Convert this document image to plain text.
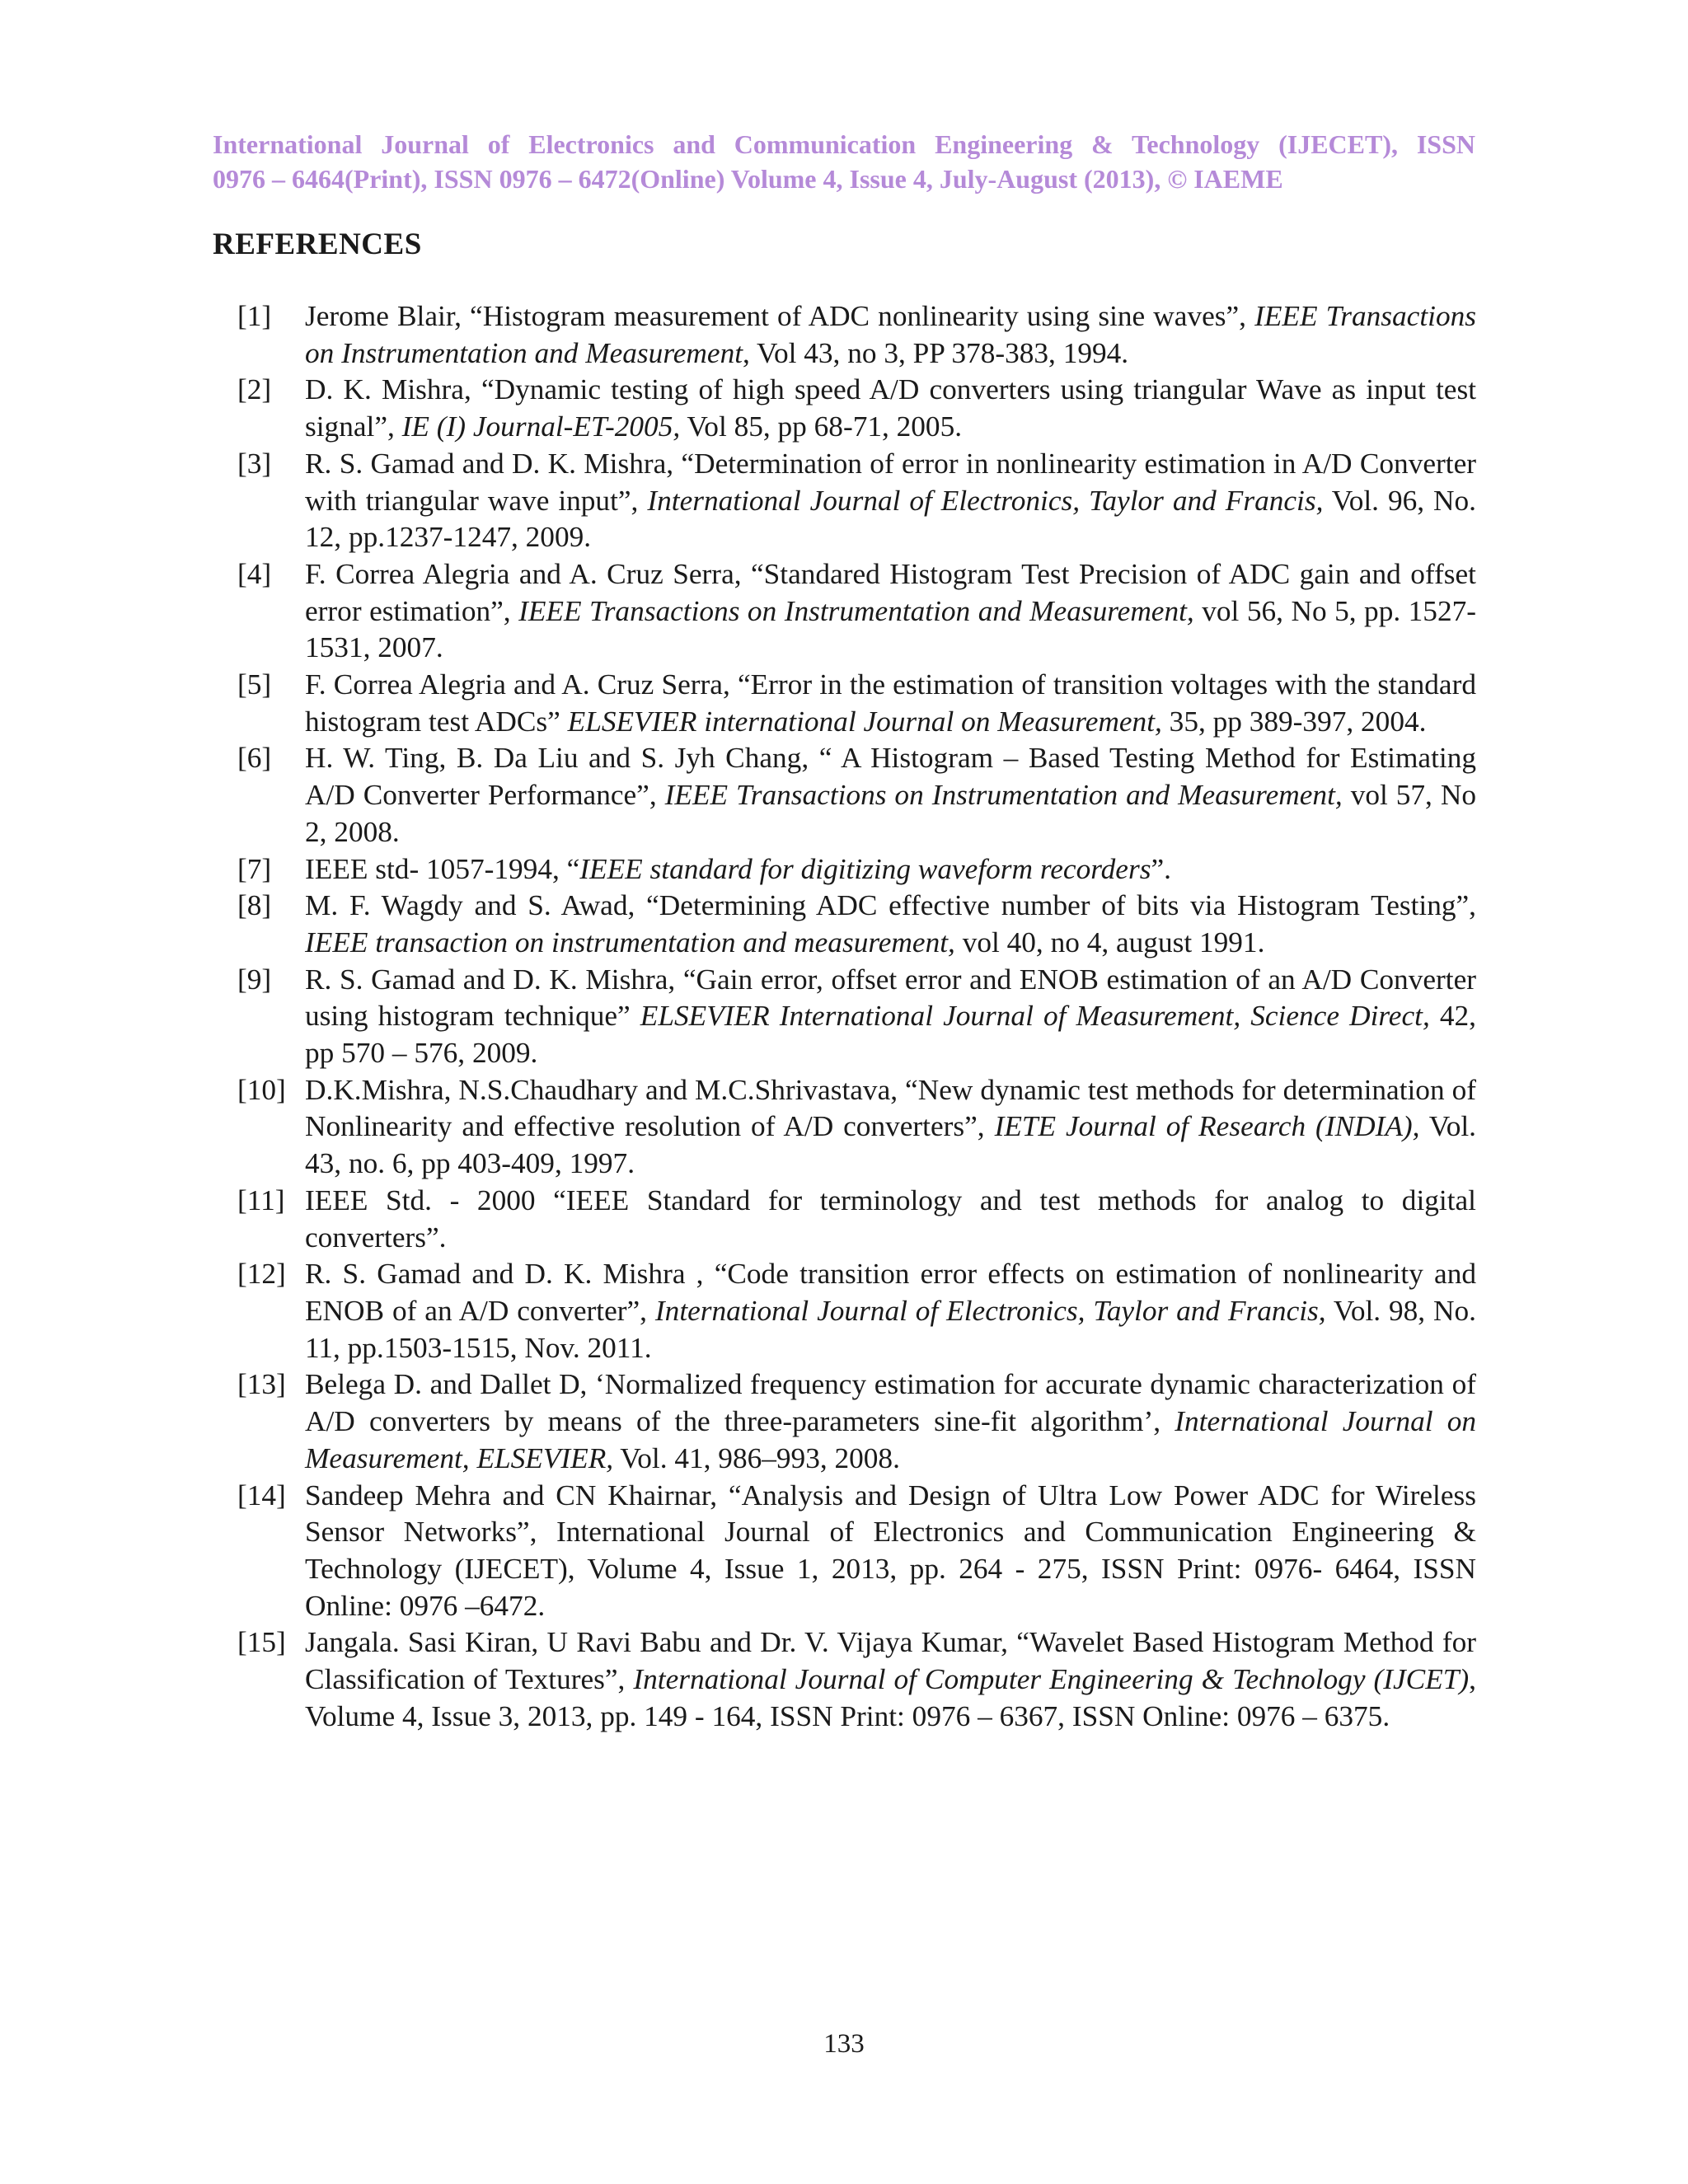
International Journal of Electronics and Communication Engineering & Technology (IJECET), ISSN
0976 – 6464(Print), ISSN 0976 – 6472(Online) Volume 4, Issue 4, July-August (2013), © IAEME
REFERENCES
[1]	Jerome Blair, “Histogram measurement of ADC nonlinearity using sine waves”, IEEE Transactions on Instrumentation and Measurement, Vol 43, no 3, PP 378-383, 1994.
[2]	D. K. Mishra, “Dynamic testing of high speed A/D converters using triangular Wave as input test signal”, IE (I) Journal-ET-2005, Vol 85, pp 68-71, 2005.
[3]	R. S. Gamad and D. K. Mishra, “Determination of error in nonlinearity estimation in A/D Converter with triangular wave input”, International Journal of Electronics, Taylor and Francis, Vol. 96, No. 12, pp.1237-1247, 2009.
[4]	F. Correa Alegria and A. Cruz Serra, “Standared Histogram Test Precision of ADC gain and offset error estimation”, IEEE Transactions on Instrumentation and Measurement, vol 56, No 5, pp. 1527-1531, 2007.
[5]	F. Correa Alegria and A. Cruz Serra, “Error in the estimation of transition voltages with the standard histogram test ADCs” ELSEVIER international Journal on Measurement, 35, pp 389-397, 2004.
[6]	H. W. Ting, B. Da Liu and S. Jyh Chang, “ A Histogram – Based Testing Method for Estimating A/D Converter Performance”, IEEE Transactions on Instrumentation and Measurement, vol 57, No 2, 2008.
[7]	IEEE std- 1057-1994, “IEEE standard for digitizing waveform recorders”.
[8]	M. F. Wagdy and S. Awad, “Determining ADC effective number of bits via Histogram Testing”, IEEE transaction on instrumentation and measurement, vol 40, no 4, august 1991.
[9]	R. S. Gamad and D. K. Mishra, “Gain error, offset error and ENOB estimation of an A/D Converter using histogram technique” ELSEVIER International Journal of Measurement, Science Direct, 42, pp 570 – 576, 2009.
[10] D.K.Mishra, N.S.Chaudhary and M.C.Shrivastava, “New dynamic test methods for determination of Nonlinearity and effective resolution of A/D converters”, IETE Journal of Research (INDIA), Vol. 43, no. 6, pp 403-409, 1997.
[11] IEEE Std. - 2000 “IEEE Standard for terminology and test methods for analog to digital converters”.
[12] R. S. Gamad and D. K. Mishra , “Code transition error effects on estimation of nonlinearity and ENOB of an A/D converter”, International Journal of Electronics, Taylor and Francis, Vol. 98, No. 11, pp.1503-1515, Nov. 2011.
[13] Belega D. and Dallet D, ‘Normalized frequency estimation for accurate dynamic characterization of A/D converters by means of the three-parameters sine-fit algorithm’, International Journal on Measurement, ELSEVIER, Vol. 41, 986–993, 2008.
[14] Sandeep Mehra and CN Khairnar, “Analysis and Design of Ultra Low Power ADC for Wireless Sensor Networks”, International Journal of Electronics and Communication Engineering & Technology (IJECET), Volume 4, Issue 1, 2013, pp. 264 - 275, ISSN Print: 0976- 6464, ISSN Online: 0976 –6472.
[15] Jangala. Sasi Kiran, U Ravi Babu and Dr. V. Vijaya Kumar, “Wavelet Based Histogram Method for Classification of Textures”, International Journal of Computer Engineering & Technology (IJCET), Volume 4, Issue 3, 2013, pp. 149 - 164, ISSN Print: 0976 – 6367, ISSN Online: 0976 – 6375.
133
